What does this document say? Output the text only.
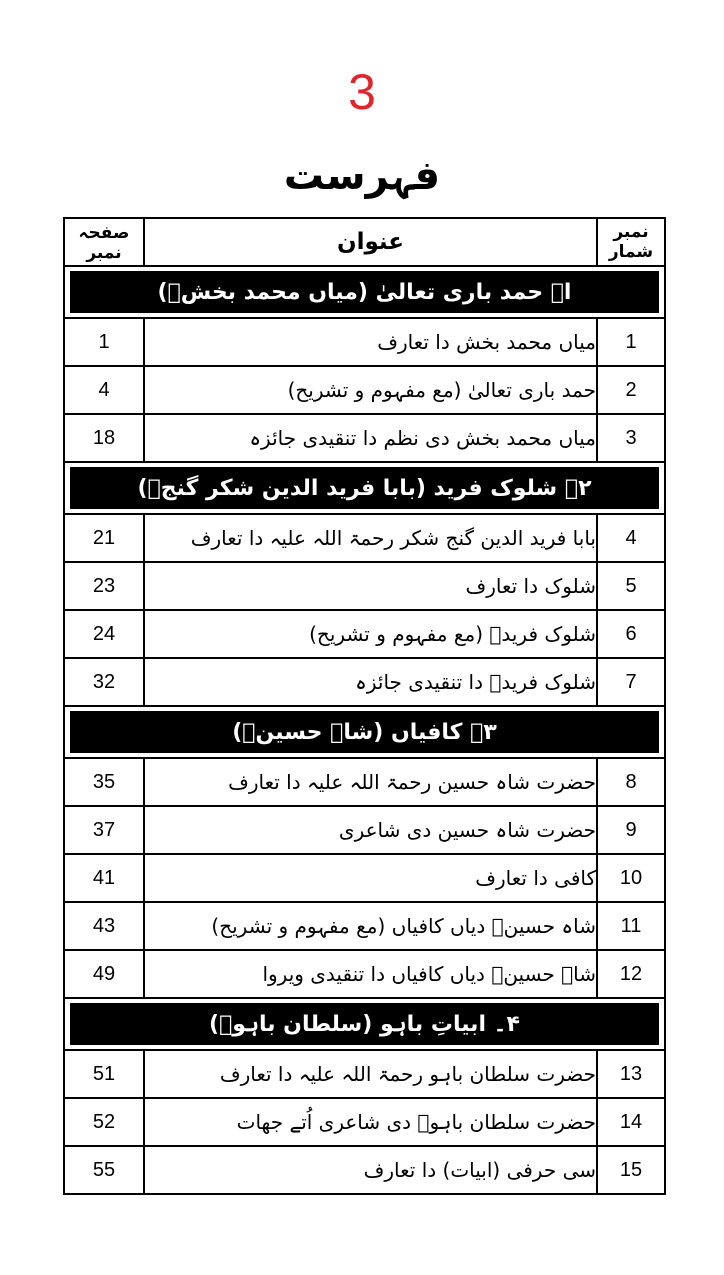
3
فہرست
صفحہ نمبر	عنوان	نمبر شمار

ا۔ حمد باری تعالیٰ (میاں محمد بخشؒ)		

1	میاں محمد بخش دا تعارف	1
4	حمد باری تعالیٰ (مع مفہوم و تشریح)	2
18	میاں محمد بخش دی نظم دا تنقیدی جائزہ	3

۲۔ شلوک فرید (بابا فرید الدین شکر گنجؒ)		

21	بابا فرید الدین گنج شکر رحمۃ اللہ علیہ دا تعارف	4
23	شلوک دا تعارف	5
24	شلوک فریدؒ (مع مفہوم و تشریح)	6
32	شلوک فریدؒ دا تنقیدی جائزہ	7

۳۔ کافیاں (شاہ حسینؒ)		

35	حضرت شاہ حسین رحمۃ اللہ علیہ دا تعارف	8
37	حضرت شاہ حسین دی شاعری	9
41	کافی دا تعارف	10
43	شاہ حسینؒ دیاں کافیاں (مع مفہوم و تشریح)	11
49	شاہ حسینؒ دیاں کافیاں دا تنقیدی ویروا	12

۴۔ ابیاتِ باہو (سلطان باہوؒ)		

51	حضرت سلطان باہو رحمۃ اللہ علیہ دا تعارف	13
52	حضرت سلطان باہوؒ دی شاعری اُتے جھات	14
55	سی حرفی (ابیات) دا تعارف	15
